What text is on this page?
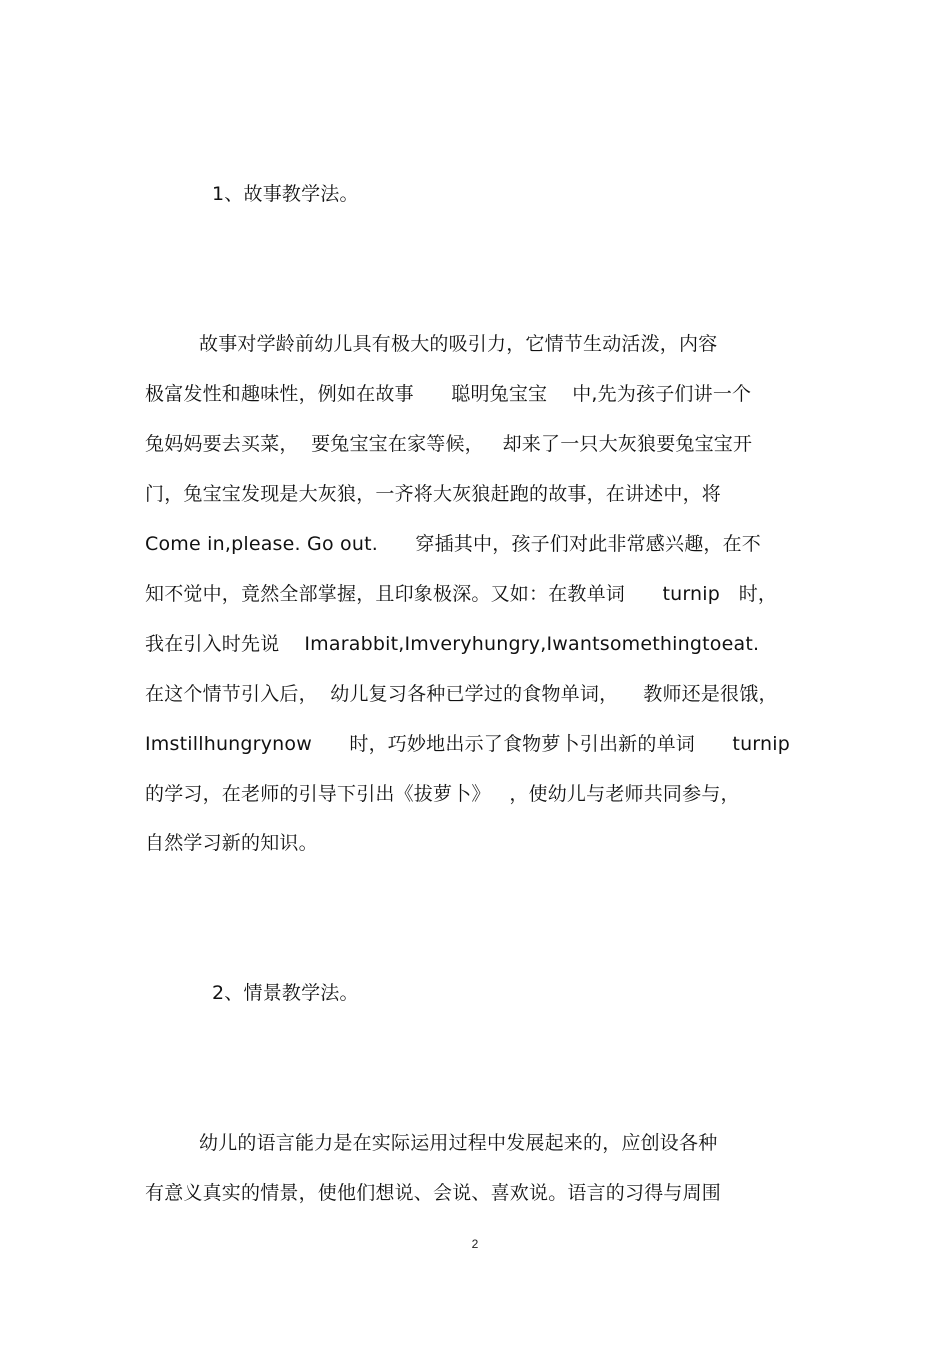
1、故事教学法。
故事对学龄前幼儿具有极大的吸引力，它情节生动活泼，内容
极富发性和趣味性，例如在故事      聪明兔宝宝    中,先为孩子们讲一个
兔妈妈要去买菜，  要兔宝宝在家等候，   却来了一只大灰狼要兔宝宝开
门，兔宝宝发现是大灰狼，一齐将大灰狼赶跑的故事，在讲述中，将
Come in,please. Go out.      穿插其中，孩子们对此非常感兴趣，在不
知不觉中，竟然全部掌握，且印象极深。又如：在教单词      turnip   时，
我在引入时先说    Imarabbit,Imveryhungry,Iwantsomethingtoeat.
在这个情节引入后，  幼儿复习各种已学过的食物单词，    教师还是很饿，
Imstillhungrynow      时，巧妙地出示了食物萝卜引出新的单词      turnip
的学习，在老师的引导下引出《拔萝卜》   ，使幼儿与老师共同参与，
自然学习新的知识。
2、情景教学法。
幼儿的语言能力是在实际运用过程中发展起来的，应创设各种
有意义真实的情景，使他们想说、会说、喜欢说。语言的习得与周围
2
